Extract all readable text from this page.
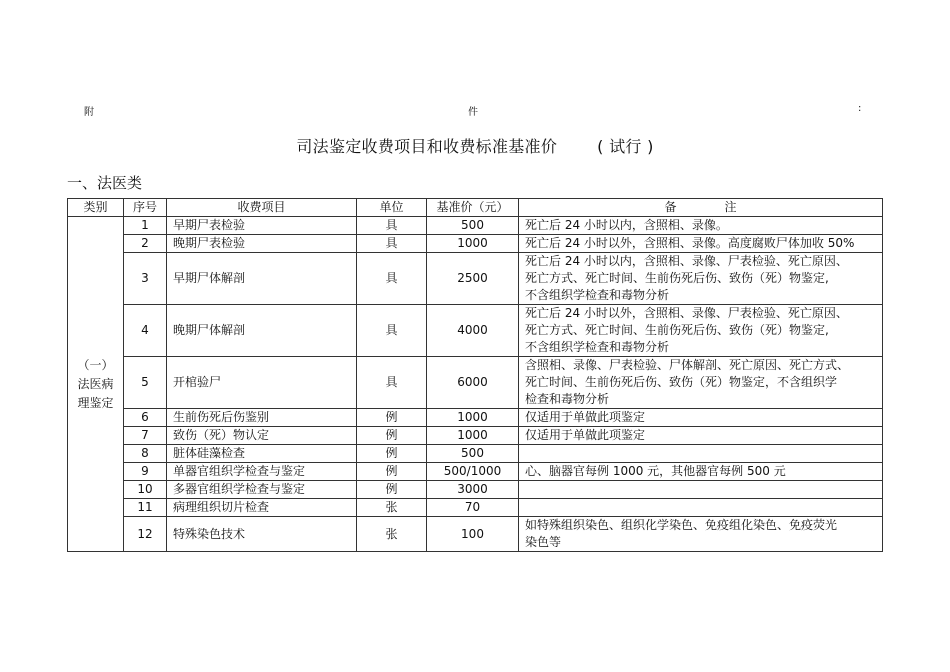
附	件	:
司法鉴定收费项目和收费标准基准价	( 试行 )
一、法医类
类别	序号	收费项目	单位	基准价（元）	备　　　　注

（一）
法医病
理鉴定	1	早期尸表检验	具	500	死亡后 24 小时以内，含照相、录像。

	2	晚期尸表检验	具	1000	死亡后 24 小时以外，含照相、录像。高度腐败尸体加收 50%

	3	早期尸体解剖	具	2500	死亡后 24 小时以内，含照相、录像、尸表检验、死亡原因、
死亡方式、死亡时间、生前伤死后伤、致伤（死）物鉴定,
不含组织学检查和毒物分析

	4	晚期尸体解剖	具	4000	死亡后 24 小时以外，含照相、录像、尸表检验、死亡原因、
死亡方式、死亡时间、生前伤死后伤、致伤（死）物鉴定,
不含组织学检查和毒物分析

	5	开棺验尸	具	6000	含照相、录像、尸表检验、尸体解剖、死亡原因、死亡方式、
死亡时间、生前伤死后伤、致伤（死）物鉴定，不含组织学
检查和毒物分析

	6	生前伤死后伤鉴别	例	1000	仅适用于单做此项鉴定

	7	致伤（死）物认定	例	1000	仅适用于单做此项鉴定

	8	脏体硅藻检查	例	500	
	9	单器官组织学检查与鉴定	例	500/1000	心、脑器官每例 1000 元，其他器官每例 500 元

	10	多器官组织学检查与鉴定	例	3000	
	11	病理组织切片检查	张	70	
	12	特殊染色技术	张	100	如特殊组织染色、组织化学染色、免疫组化染色、免疫荧光
染色等
